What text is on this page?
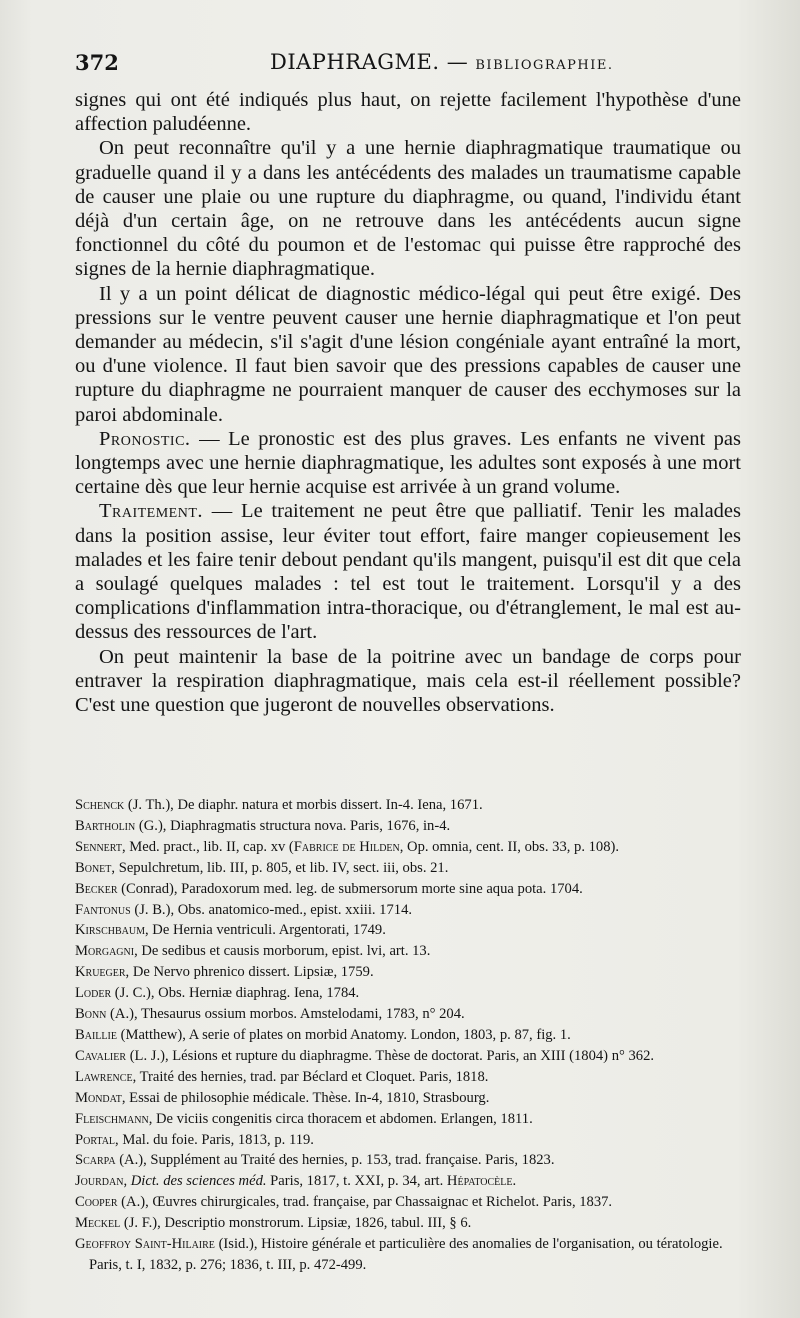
372	DIAPHRAGME. — BIBLIOGRAPHIE.

signes qui ont été indiqués plus haut, on rejette facilement l'hypothèse d'une affection paludéenne.

On peut reconnaître qu'il y a une hernie diaphragmatique traumatique ou graduelle quand il y a dans les antécédents des malades un traumatisme capable de causer une plaie ou une rupture du diaphragme, ou quand, l'individu étant déjà d'un certain âge, on ne retrouve dans les antécédents aucun signe fonctionnel du côté du poumon et de l'estomac qui puisse être rapproché des signes de la hernie diaphragmatique.

Il y a un point délicat de diagnostic médico-légal qui peut être exigé. Des pressions sur le ventre peuvent causer une hernie diaphragmatique et l'on peut demander au médecin, s'il s'agit d'une lésion congéniale ayant entraîné la mort, ou d'une violence. Il faut bien savoir que des pressions capables de causer une rupture du diaphragme ne pourraient manquer de causer des ecchymoses sur la paroi abdominale.

Pronostic. — Le pronostic est des plus graves. Les enfants ne vivent pas longtemps avec une hernie diaphragmatique, les adultes sont exposés à une mort certaine dès que leur hernie acquise est arrivée à un grand volume.

Traitement. — Le traitement ne peut être que palliatif. Tenir les malades dans la position assise, leur éviter tout effort, faire manger copieusement les malades et les faire tenir debout pendant qu'ils mangent, puisqu'il est dit que cela a soulagé quelques malades : tel est tout le traitement. Lorsqu'il y a des complications d'inflammation intra-thoracique, ou d'étranglement, le mal est au-dessus des ressources de l'art.

On peut maintenir la base de la poitrine avec un bandage de corps pour entraver la respiration diaphragmatique, mais cela est-il réellement possible? C'est une question que jugeront de nouvelles observations.

Schenck (J. Th.), De diaphr. natura et morbis dissert. In-4. Iena, 1671.

Bartholin (G.), Diaphragmatis structura nova. Paris, 1676, in-4.

Sennert, Med. pract., lib. II, cap. xv (Fabrice de Hilden, Op. omnia, cent. II, obs. 33, p. 108).

Bonet, Sepulchretum, lib. III, p. 805, et lib. IV, sect. iii, obs. 21.

Becker (Conrad), Paradoxorum med. leg. de submersorum morte sine aqua pota. 1704.

Fantonus (J. B.), Obs. anatomico-med., epist. xxiii. 1714.

Kirschbaum, De Hernia ventriculi. Argentorati, 1749.

Morgagni, De sedibus et causis morborum, epist. lvi, art. 13.

Krueger, De Nervo phrenico dissert. Lipsiæ, 1759.

Loder (J. C.), Obs. Herniæ diaphrag. Iena, 1784.

Bonn (A.), Thesaurus ossium morbos. Amstelodami, 1783, n° 204.

Baillie (Matthew), A serie of plates on morbid Anatomy. London, 1803, p. 87, fig. 1.

Cavalier (L. J.), Lésions et rupture du diaphragme. Thèse de doctorat. Paris, an XIII (1804) n° 362.

Lawrence, Traité des hernies, trad. par Béclard et Cloquet. Paris, 1818.

Mondat, Essai de philosophie médicale. Thèse. In-4, 1810, Strasbourg.

Fleischmann, De viciis congenitis circa thoracem et abdomen. Erlangen, 1811.

Portal, Mal. du foie. Paris, 1813, p. 119.

Scarpa (A.), Supplément au Traité des hernies, p. 153, trad. française. Paris, 1823.

Jourdan, Dict. des sciences méd. Paris, 1817, t. XXI, p. 34, art. Hépatocèle.

Cooper (A.), Œuvres chirurgicales, trad. française, par Chassaignac et Richelot. Paris, 1837.

Meckel (J. F.), Descriptio monstrorum. Lipsiæ, 1826, tabul. III, § 6.

Geoffroy Saint-Hilaire (Isid.), Histoire générale et particulière des anomalies de l'organisation, ou tératologie. Paris, t. I, 1832, p. 276; 1836, t. III, p. 472-499.
